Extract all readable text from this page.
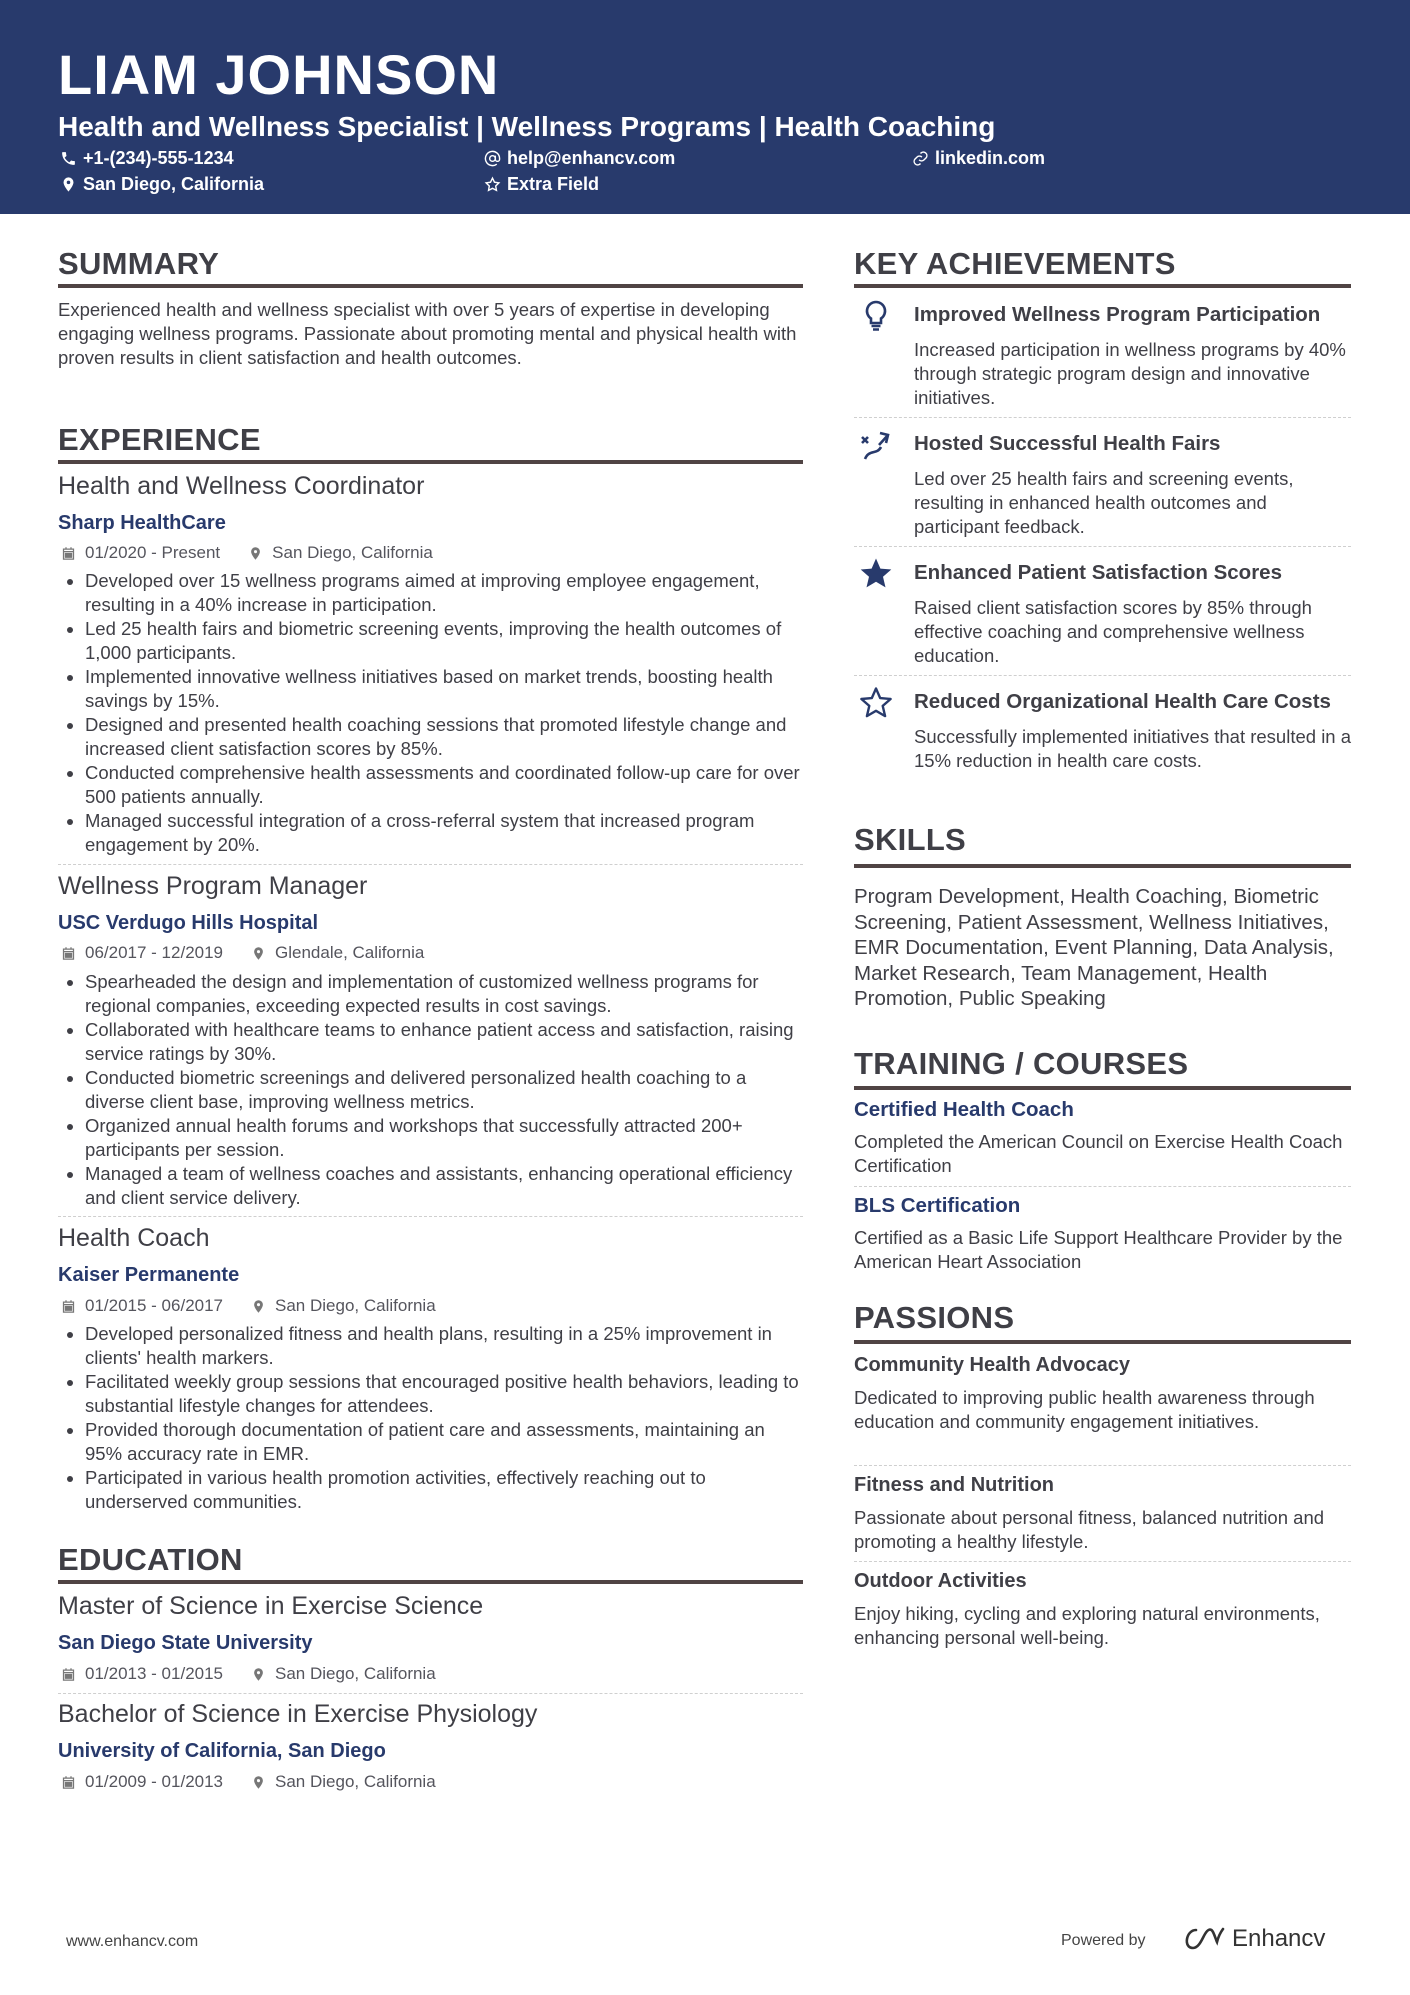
LIAM JOHNSON
Health and Wellness Specialist | Wellness Programs | Health Coaching
+1-(234)-555-1234	help@enhancv.com	linkedin.com
San Diego, California	Extra Field
SUMMARY
Experienced health and wellness specialist with over 5 years of expertise in developing engaging wellness programs. Passionate about promoting mental and physical health with proven results in client satisfaction and health outcomes.
EXPERIENCE
Health and Wellness Coordinator
Sharp HealthCare
01/2020 - Present	San Diego, California
• Developed over 15 wellness programs aimed at improving employee engagement, resulting in a 40% increase in participation.
• Led 25 health fairs and biometric screening events, improving the health outcomes of 1,000 participants.
• Implemented innovative wellness initiatives based on market trends, boosting health savings by 15%.
• Designed and presented health coaching sessions that promoted lifestyle change and increased client satisfaction scores by 85%.
• Conducted comprehensive health assessments and coordinated follow-up care for over 500 patients annually.
• Managed successful integration of a cross-referral system that increased program engagement by 20%.
Wellness Program Manager
USC Verdugo Hills Hospital
06/2017 - 12/2019	Glendale, California
• Spearheaded the design and implementation of customized wellness programs for regional companies, exceeding expected results in cost savings.
• Collaborated with healthcare teams to enhance patient access and satisfaction, raising service ratings by 30%.
• Conducted biometric screenings and delivered personalized health coaching to a diverse client base, improving wellness metrics.
• Organized annual health forums and workshops that successfully attracted 200+ participants per session.
• Managed a team of wellness coaches and assistants, enhancing operational efficiency and client service delivery.
Health Coach
Kaiser Permanente
01/2015 - 06/2017	San Diego, California
• Developed personalized fitness and health plans, resulting in a 25% improvement in clients' health markers.
• Facilitated weekly group sessions that encouraged positive health behaviors, leading to substantial lifestyle changes for attendees.
• Provided thorough documentation of patient care and assessments, maintaining an 95% accuracy rate in EMR.
• Participated in various health promotion activities, effectively reaching out to underserved communities.
EDUCATION
Master of Science in Exercise Science
San Diego State University
01/2013 - 01/2015	San Diego, California
Bachelor of Science in Exercise Physiology
University of California, San Diego
01/2009 - 01/2013	San Diego, California
KEY ACHIEVEMENTS
Improved Wellness Program Participation
Increased participation in wellness programs by 40% through strategic program design and innovative initiatives.
Hosted Successful Health Fairs
Led over 25 health fairs and screening events, resulting in enhanced health outcomes and participant feedback.
Enhanced Patient Satisfaction Scores
Raised client satisfaction scores by 85% through effective coaching and comprehensive wellness education.
Reduced Organizational Health Care Costs
Successfully implemented initiatives that resulted in a 15% reduction in health care costs.
SKILLS
Program Development, Health Coaching, Biometric Screening, Patient Assessment, Wellness Initiatives, EMR Documentation, Event Planning, Data Analysis, Market Research, Team Management, Health Promotion, Public Speaking
TRAINING / COURSES
Certified Health Coach
Completed the American Council on Exercise Health Coach Certification
BLS Certification
Certified as a Basic Life Support Healthcare Provider by the American Heart Association
PASSIONS
Community Health Advocacy
Dedicated to improving public health awareness through education and community engagement initiatives.
Fitness and Nutrition
Passionate about personal fitness, balanced nutrition and promoting a healthy lifestyle.
Outdoor Activities
Enjoy hiking, cycling and exploring natural environments, enhancing personal well-being.
www.enhancv.com	Powered by	Enhancv
